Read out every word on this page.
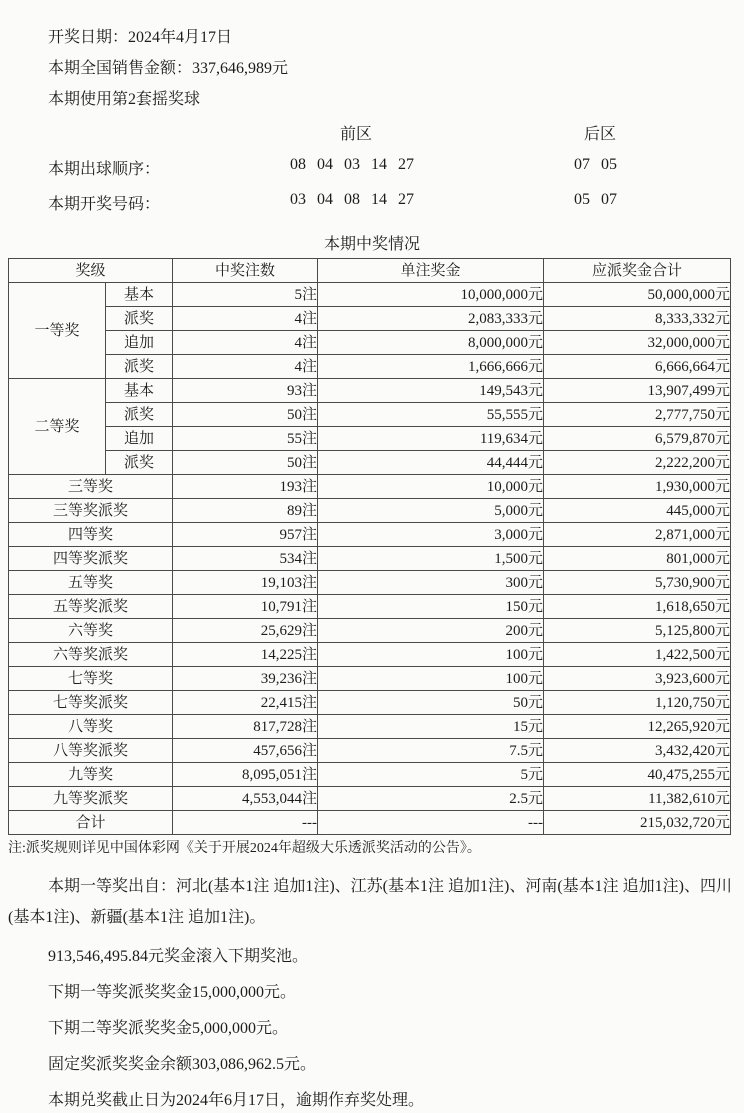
开奖日期：2024年4月17日
本期全国销售金额：337,646,989元
本期使用第2套摇奖球
前区	后区
本期出球顺序：	08 04 03 14 27	07 05
本期开奖号码：	03 04 08 14 27	05 07
本期中奖情况
奖级		中奖注数	单注奖金	应派奖金合计
一等奖	基本	5注	10,000,000元	50,000,000元
	派奖	4注	2,083,333元	8,333,332元
	追加	4注	8,000,000元	32,000,000元
	派奖	4注	1,666,666元	6,666,664元
二等奖	基本	93注	149,543元	13,907,499元
	派奖	50注	55,555元	2,777,750元
	追加	55注	119,634元	6,579,870元
	派奖	50注	44,444元	2,222,200元
三等奖		193注	10,000元	1,930,000元
三等奖派奖		89注	5,000元	445,000元
四等奖		957注	3,000元	2,871,000元
四等奖派奖		534注	1,500元	801,000元
五等奖		19,103注	300元	5,730,900元
五等奖派奖		10,791注	150元	1,618,650元
六等奖		25,629注	200元	5,125,800元
六等奖派奖		14,225注	100元	1,422,500元
七等奖		39,236注	100元	3,923,600元
七等奖派奖		22,415注	50元	1,120,750元
八等奖		817,728注	15元	12,265,920元
八等奖派奖		457,656注	7.5元	3,432,420元
九等奖		8,095,051注	5元	40,475,255元
九等奖派奖		4,553,044注	2.5元	11,382,610元
合计		---	---	215,032,720元

注:派奖规则详见中国体彩网《关于开展2024年超级大乐透派奖活动的公告》。

本期一等奖出自：河北(基本1注 追加1注)、江苏(基本1注 追加1注)、河南(基本1注 追加1注)、四川(基本1注)、新疆(基本1注 追加1注)。

913,546,495.84元奖金滚入下期奖池。

下期一等奖派奖奖金15,000,000元。

下期二等奖派奖奖金5,000,000元。

固定奖派奖奖金余额303,086,962.5元。

本期兑奖截止日为2024年6月17日，逾期作弃奖处理。
